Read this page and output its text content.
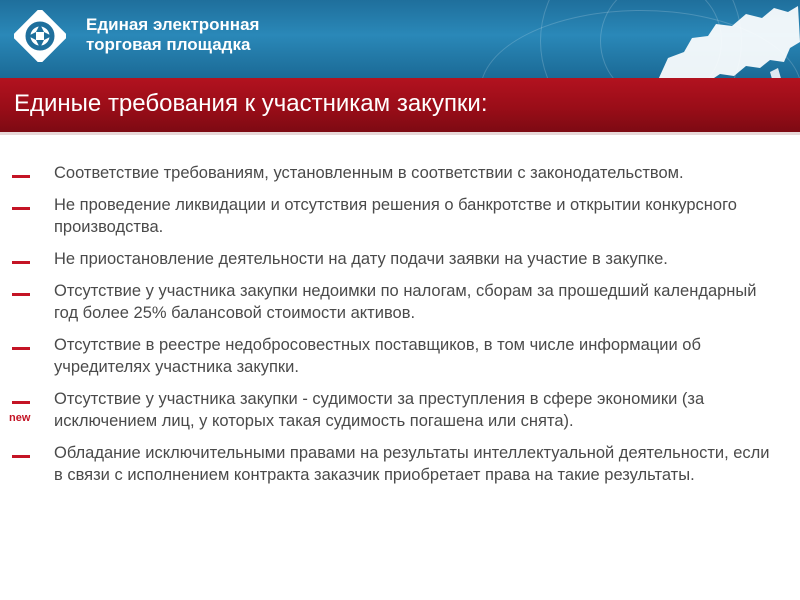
Единая электронная
торговая площадка
Единые требования к участникам закупки:
Соответствие требованиям, установленным в соответствии с законодательством.
Не проведение ликвидации и отсутствия решения о банкротстве и открытии конкурсного производства.
Не приостановление деятельности на дату подачи заявки на участие в закупке.
Отсутствие у участника закупки недоимки по налогам, сборам за прошедший календарный год более 25% балансовой стоимости активов.
Отсутствие в реестре недобросовестных поставщиков, в том числе информации об учредителях участника закупки.
new
Отсутствие у участника закупки - судимости за преступления в сфере экономики (за исключением лиц, у которых такая судимость погашена или снята).
Обладание исключительными правами на результаты интеллектуальной деятельности, если в связи с исполнением контракта заказчик приобретает права на такие результаты.
